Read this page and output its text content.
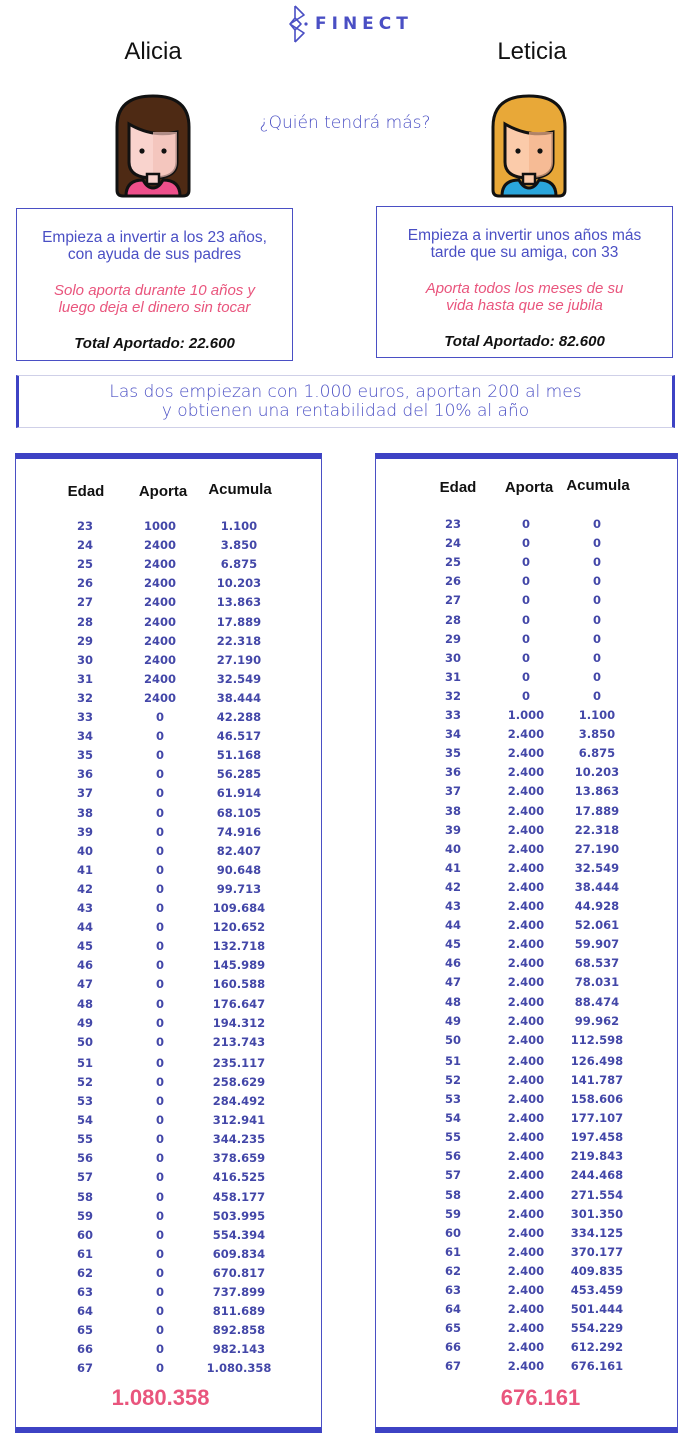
FINECT
Alicia	Leticia
¿Quién tendrá más?
Empieza a invertir a los 23 años,
con ayuda de sus padres
Solo aporta durante 10 años y
luego deja el dinero sin tocar
Total Aportado: 22.600
Empieza a invertir unos años más
tarde que su amiga, con 33
Aporta todos los meses de su
vida hasta que se jubila
Total Aportado: 82.600
Las dos empiezan con 1.000 euros, aportan 200 al mes
y obtienen una rentabilidad del 10% al año
Edad	Aporta	Acumula
23	1000	1.100
24	2400	3.850
25	2400	6.875
26	2400	10.203
27	2400	13.863
28	2400	17.889
29	2400	22.318
30	2400	27.190
31	2400	32.549
32	2400	38.444
33	0	42.288
34	0	46.517
35	0	51.168
36	0	56.285
37	0	61.914
38	0	68.105
39	0	74.916
40	0	82.407
41	0	90.648
42	0	99.713
43	0	109.684
44	0	120.652
45	0	132.718
46	0	145.989
47	0	160.588
48	0	176.647
49	0	194.312
50	0	213.743
51	0	235.117
52	0	258.629
53	0	284.492
54	0	312.941
55	0	344.235
56	0	378.659
57	0	416.525
58	0	458.177
59	0	503.995
60	0	554.394
61	0	609.834
62	0	670.817
63	0	737.899
64	0	811.689
65	0	892.858
66	0	982.143
67	0	1.080.358
1.080.358
Edad	Aporta Acumula
23	0	0
24	0	0
25	0	0
26	0	0
27	0	0
28	0	0
29	0	0
30	0	0
31	0	0
32	0	0
33	1.000	1.100
34	2.400	3.850
35	2.400	6.875
36	2.400	10.203
37	2.400	13.863
38	2.400	17.889
39	2.400	22.318
40	2.400	27.190
41	2.400	32.549
42	2.400	38.444
43	2.400	44.928
44	2.400	52.061
45	2.400	59.907
46	2.400	68.537
47	2.400	78.031
48	2.400	88.474
49	2.400	99.962
50	2.400	112.598
51	2.400	126.498
52	2.400	141.787
53	2.400	158.606
54	2.400	177.107
55	2.400	197.458
56	2.400	219.843
57	2.400	244.468
58	2.400	271.554
59	2.400	301.350
60	2.400	334.125
61	2.400	370.177
62	2.400	409.835
63	2.400	453.459
64	2.400	501.444
65	2.400	554.229
66	2.400	612.292
67	2.400	676.161
676.161
